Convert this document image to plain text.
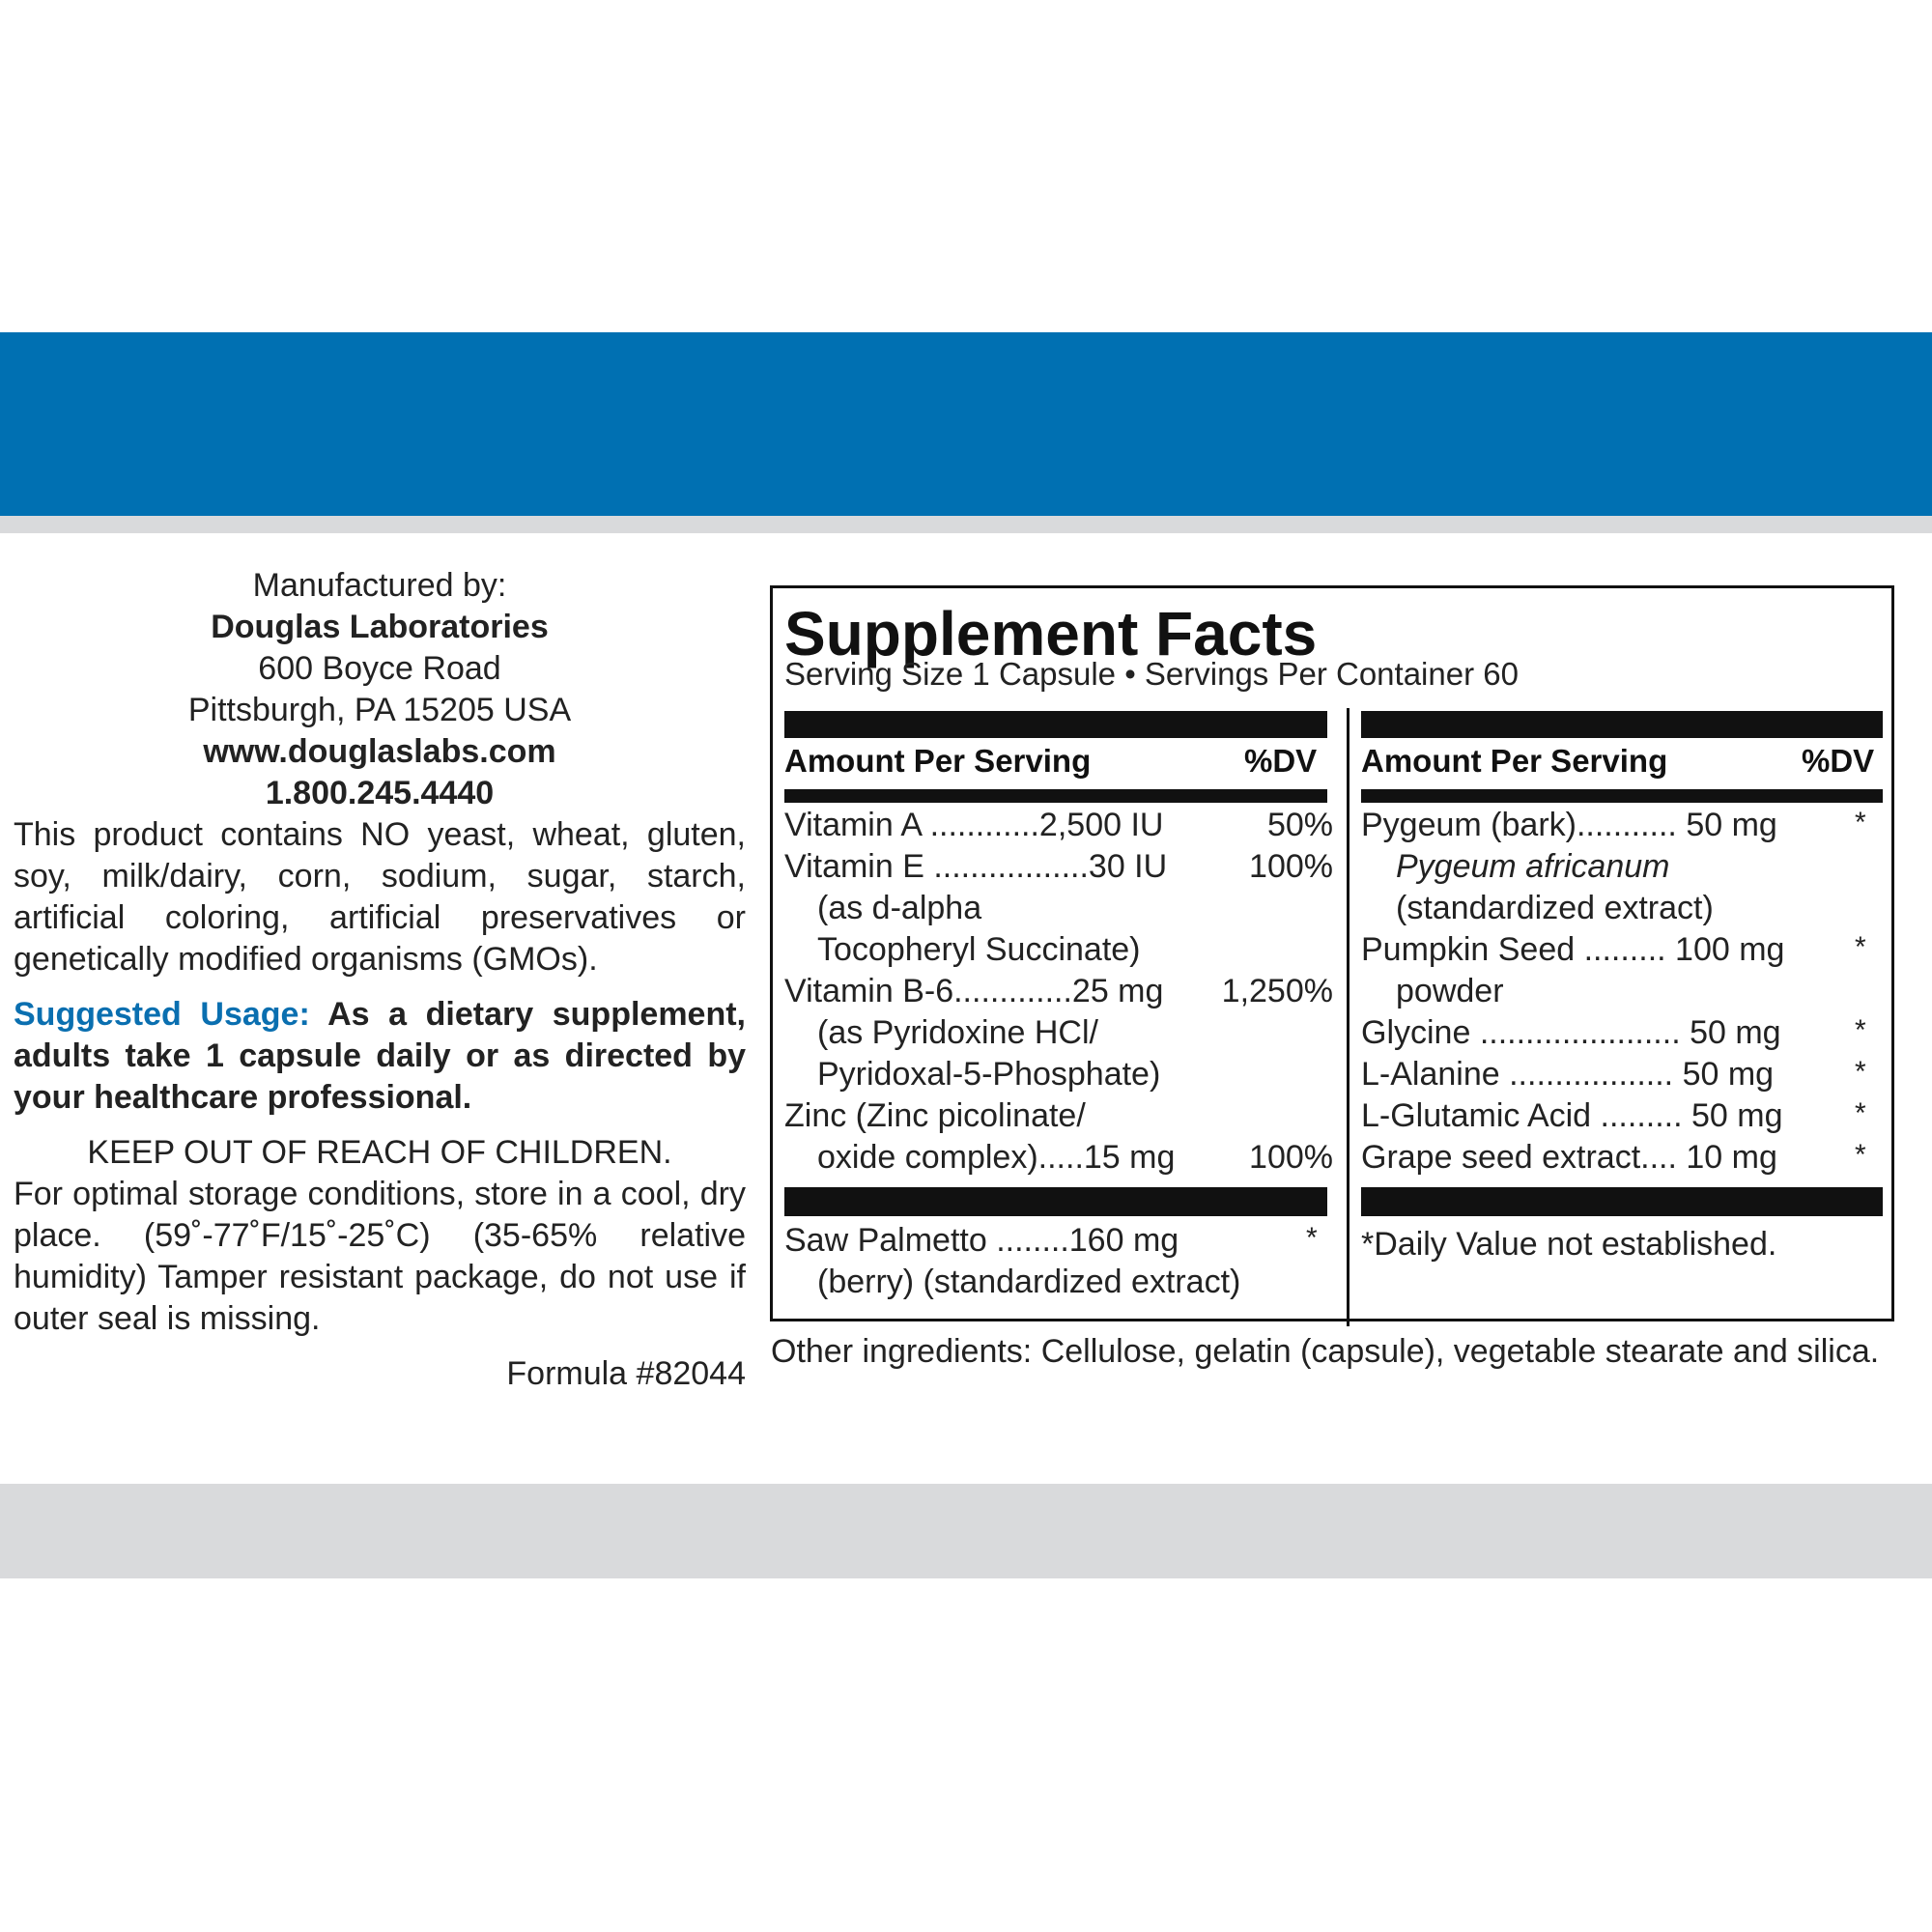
Manufactured by:
Douglas Laboratories
600 Boyce Road
Pittsburgh, PA 15205 USA
www.douglaslabs.com
1.800.245.4440
This product contains NO yeast, wheat, gluten, soy, milk/dairy, corn, sodium, sugar, starch, artificial coloring, artificial preservatives or genetically modified organisms (GMOs).
Suggested Usage: As a dietary supplement, adults take 1 capsule daily or as directed by your healthcare professional.
KEEP OUT OF REACH OF CHILDREN.
For optimal storage conditions, store in a cool, dry place. (59˚-77˚F/15˚-25˚C) (35-65% relative humidity) Tamper resistant package, do not use if outer seal is missing.
Formula #82044
Supplement Facts
Serving Size 1 Capsule • Servings Per Container 60
Amount Per Serving	%DV Amount Per Serving	%DV
Vitamin A ............2,500 IU	50%
Vitamin E .................30 IU	100%
(as d-alpha
Tocopheryl Succinate)
Vitamin B-6.............25 mg	1,250%
(as Pyridoxine HCl/
Pyridoxal-5-Phosphate)
Zinc (Zinc picolinate/
oxide complex).....15 mg	100%
Saw Palmetto ........160 mg	*
(berry) (standardized extract)
Pygeum (bark)........... 50 mg	*
Pygeum africanum
(standardized extract)
Pumpkin Seed ......... 100 mg *
powder
Glycine ...................... 50 mg	*
L-Alanine .................. 50 mg	*
L-Glutamic Acid ......... 50 mg *
Grape seed extract.... 10 mg	*
*Daily Value not established.
Other ingredients: Cellulose, gelatin (capsule), vegetable stearate and silica.
